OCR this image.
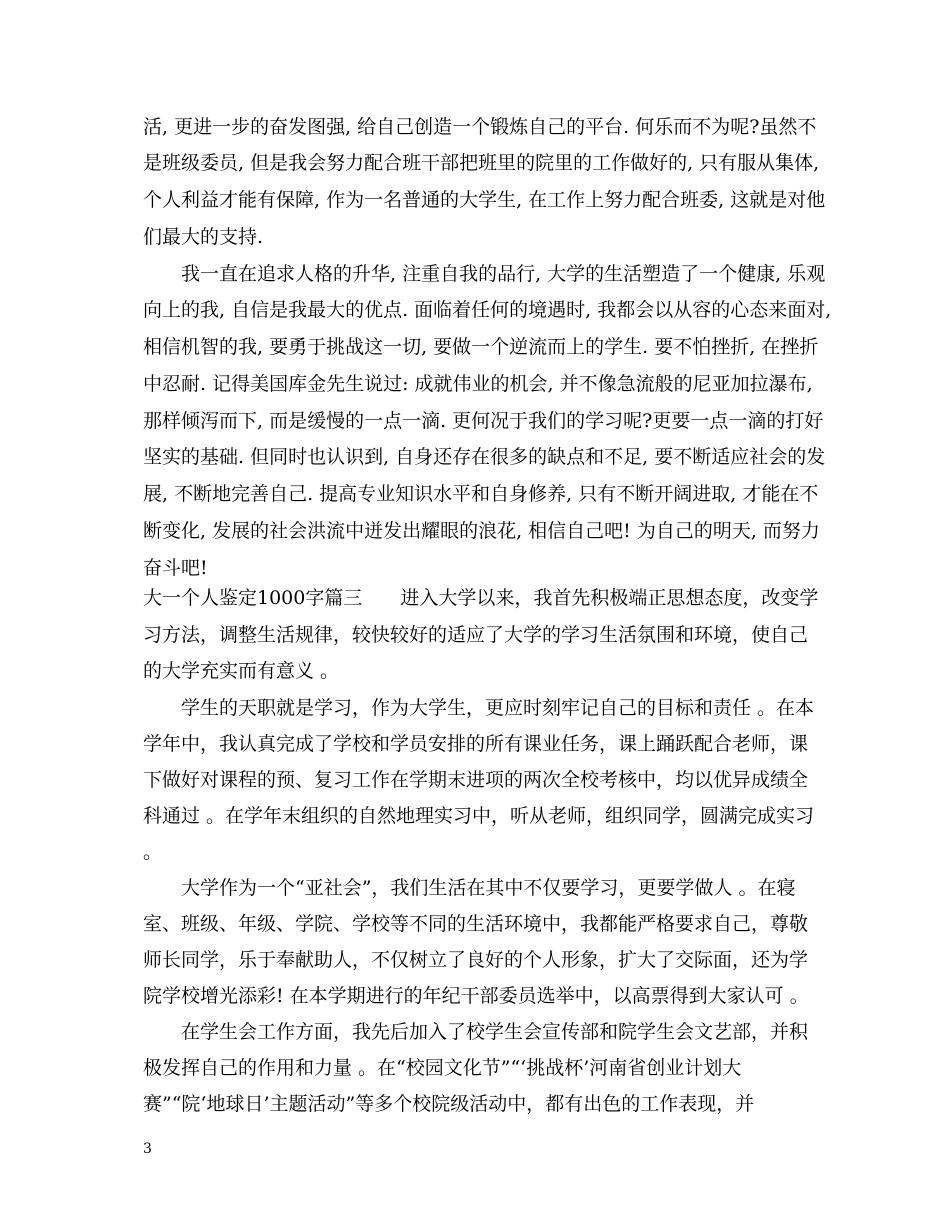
活, 更进一步的奋发图强, 给自己创造一个锻炼自己的平台. 何乐而不为呢?虽然不
是班级委员, 但是我会努力配合班干部把班里的院里的工作做好的, 只有服从集体,
个人利益才能有保障, 作为一名普通的大学生, 在工作上努力配合班委, 这就是对他
们最大的支持.
我一直在追求人格的升华, 注重自我的品行, 大学的生活塑造了一个健康, 乐观
向上的我, 自信是我最大的优点. 面临着任何的境遇时, 我都会以从容的心态来面对,
相信机智的我, 要勇于挑战这一切, 要做一个逆流而上的学生. 要不怕挫折, 在挫折
中忍耐. 记得美国库金先生说过: 成就伟业的机会, 并不像急流般的尼亚加拉瀑布,
那样倾泻而下, 而是缓慢的一点一滴. 更何况于我们的学习呢?更要一点一滴的打好
坚实的基础. 但同时也认识到, 自身还存在很多的缺点和不足, 要不断适应社会的发
展, 不断地完善自己. 提高专业知识水平和自身修养, 只有不断开阔进取, 才能在不
断变化, 发展的社会洪流中迸发出耀眼的浪花, 相信自己吧! 为自己的明天, 而努力
奋斗吧!
大一个人鉴定1000字篇三　　进入大学以来，我首先积极端正思想态度，改变学
习方法，调整生活规律，较快较好的适应了大学的学习生活氛围和环境，使自己
的大学充实而有意义 。
学生的天职就是学习，作为大学生，更应时刻牢记自己的目标和责任 。在本
学年中，我认真完成了学校和学员安排的所有课业任务，课上踊跃配合老师，课
下做好对课程的预、复习工作在学期末进项的两次全校考核中，均以优异成绩全
科通过 。在学年末组织的自然地理实习中，听从老师，组织同学，圆满完成实习
。
大学作为一个“亚社会”，我们生活在其中不仅要学习，更要学做人 。在寝
室、班级、年级、学院、学校等不同的生活环境中，我都能严格要求自己，尊敬
师长同学，乐于奉献助人，不仅树立了良好的个人形象，扩大了交际面，还为学
院学校增光添彩! 在本学期进行的年纪干部委员选举中，以高票得到大家认可 。
在学生会工作方面，我先后加入了校学生会宣传部和院学生会文艺部，并积
极发挥自己的作用和力量 。在“校园文化节”“‘挑战杯’河南省创业计划大
赛”“院‘地球日’主题活动”等多个校院级活动中，都有出色的工作表现，并
3
